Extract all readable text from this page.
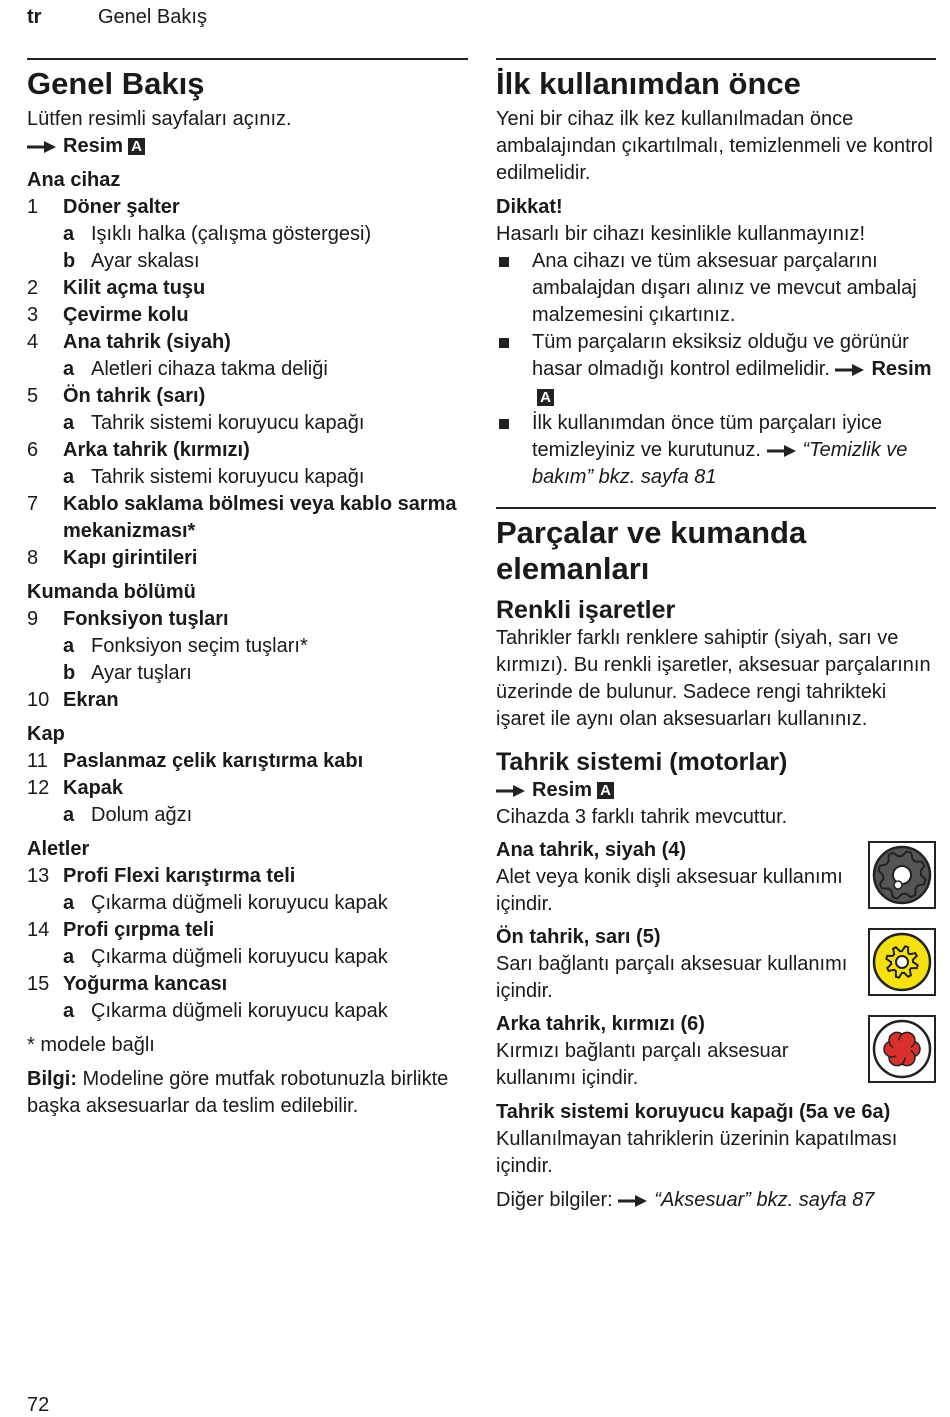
tr	Genel Bakış
Genel Bakış

Lütfen resimli sayfaları açınız.

Resim A
Ana cihaz
1	Döner şalter
a Işıklı halka (çalışma göstergesi)
b Ayar skalası
2	Kilit açma tuşu
3	Çevirme kolu
4	Ana tahrik (siyah)
a Aletleri cihaza takma deliği
5	Ön tahrik (sarı)
a Tahrik sistemi koruyucu kapağı
6	Arka tahrik (kırmızı)
a Tahrik sistemi koruyucu kapağı
7	Kablo saklama bölmesi veya kablo sarma mekanizması*
8	Kapı girintileri
Kumanda bölümü
9	Fonksiyon tuşları
a Fonksiyon seçim tuşları*
b Ayar tuşları
10 Ekran
Kap
11 Paslanmaz çelik karıştırma kabı
12 Kapak
a Dolum ağzı
Aletler
13 Profi Flexi karıştırma teli
a Çıkarma düğmeli koruyucu kapak
14 Profi çırpma teli
a Çıkarma düğmeli koruyucu kapak
15 Yoğurma kancası
a Çıkarma düğmeli koruyucu kapak

* modele bağlı

Bilgi: Modeline göre mutfak robotunuzla birlikte başka aksesuarlar da teslim edilebilir.

İlk kullanımdan önce

Yeni bir cihaz ilk kez kullanılmadan önce ambalajından çıkartılmalı, temizlenmeli ve kontrol edilmelidir.

Dikkat!

Hasarlı bir cihazı kesinlikle kullanmayınız!

Ana cihazı ve tüm aksesuar parçalarını ambalajdan dışarı alınız ve mevcut ambalaj malzemesini çıkartınız.
Tüm parçaların eksiksiz olduğu ve görünür hasar olmadığı kontrol edilmelidir. ResimA
İlk kullanımdan önce tüm parçaları iyice temizleyiniz ve kurutunuz. “Temizlik ve bakım” bkz. sayfa 81
Parçalar ve kumanda elemanları
Renkli işaretler

Tahrikler farklı renklere sahiptir (siyah, sarı ve kırmızı). Bu renkli işaretler, aksesuar parçalarının üzerinde de bulunur. Sadece rengi tahrikteki işaret ile aynı olan aksesuarları kullanınız.

Tahrik sistemi (motorlar)
Resim A

Cihazda 3 farklı tahrik mevcuttur.

Ana tahrik, siyah (4)

Alet veya konik dişli aksesuar kullanımı içindir.

Ön tahrik, sarı (5)

Sarı bağlantı parçalı aksesuar kullanımı içindir.

Arka tahrik, kırmızı (6)

Kırmızı bağlantı parçalı aksesuar kullanımı içindir.

Tahrik sistemi koruyucu kapağı (5a ve 6a)

Kullanılmayan tahriklerin üzerinin kapatılması içindir.

Diğer bilgiler: “Aksesuar” bkz. sayfa 87

72
